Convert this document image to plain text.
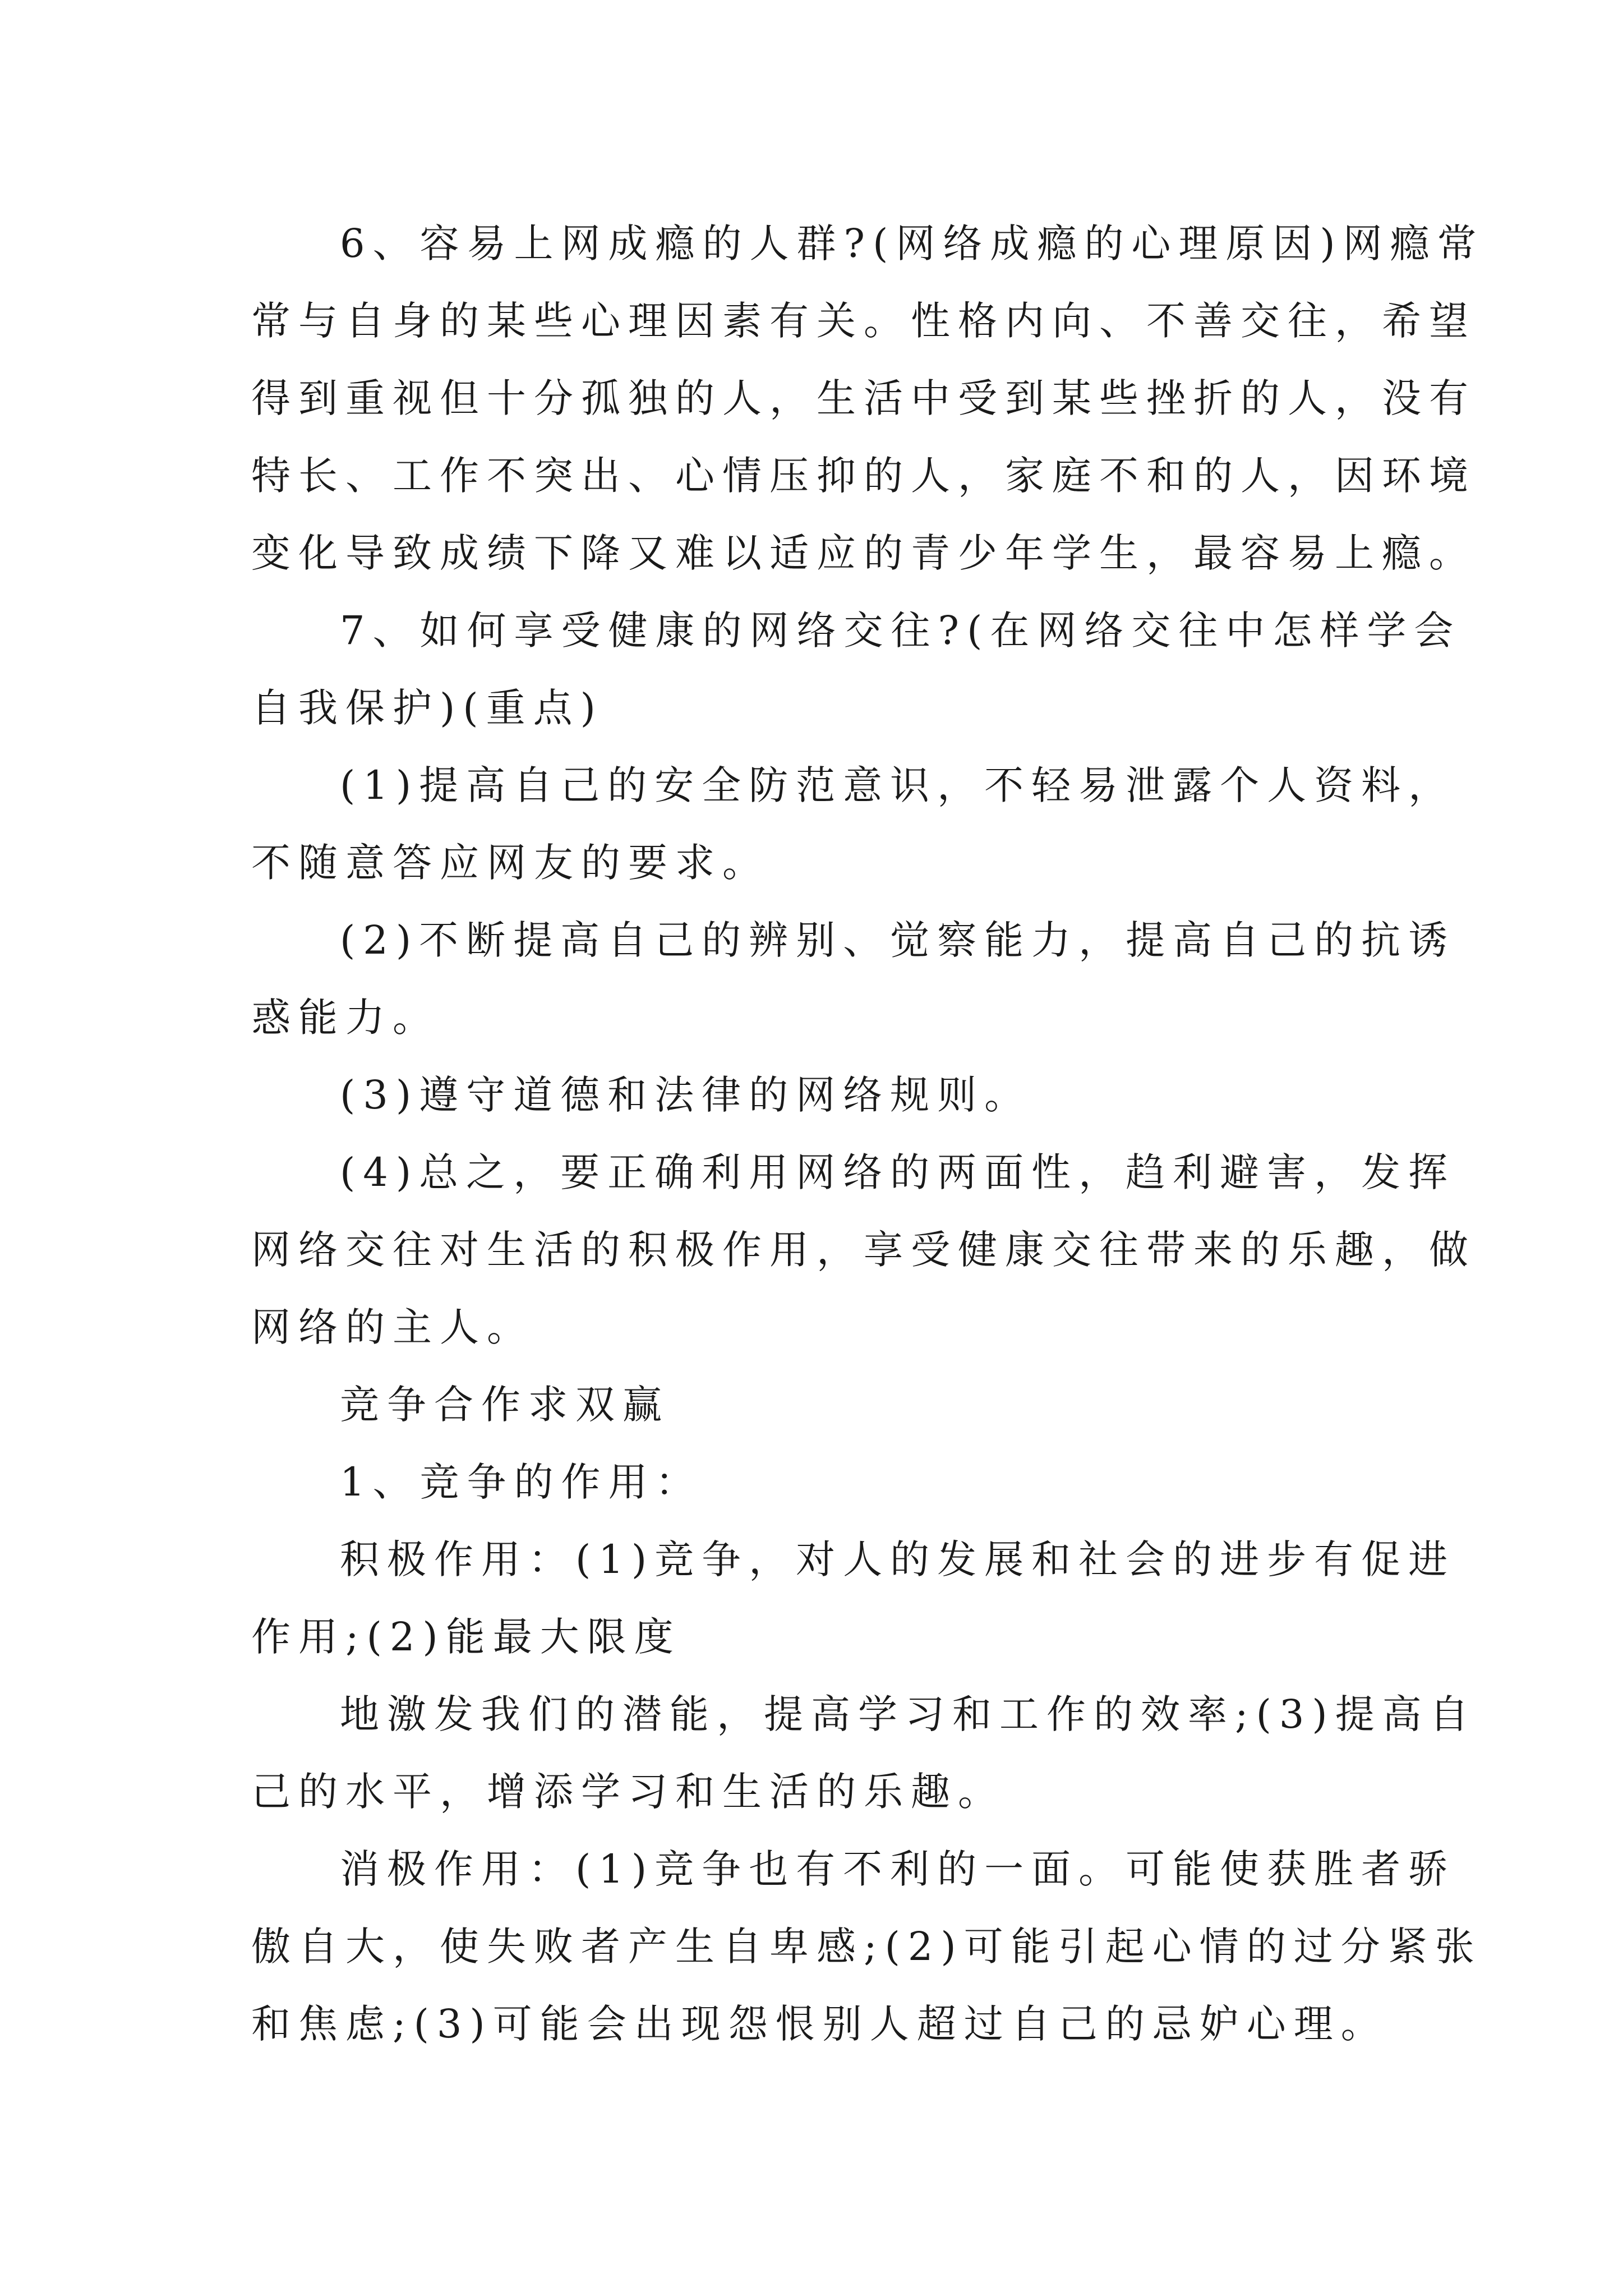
6、容易上网成瘾的人群?(网络成瘾的心理原因)网瘾常
常与自身的某些心理因素有关。性格内向、不善交往，希望
得到重视但十分孤独的人，生活中受到某些挫折的人，没有
特长、工作不突出、心情压抑的人，家庭不和的人，因环境
变化导致成绩下降又难以适应的青少年学生，最容易上瘾。

7、如何享受健康的网络交往?(在网络交往中怎样学会
自我保护)(重点)

(1)提高自己的安全防范意识，不轻易泄露个人资料，
不随意答应网友的要求。

(2)不断提高自己的辨别、觉察能力，提高自己的抗诱
惑能力。

(3)遵守道德和法律的网络规则。

(4)总之，要正确利用网络的两面性，趋利避害，发挥
网络交往对生活的积极作用，享受健康交往带来的乐趣，做
网络的主人。

竞争合作求双赢

1、竞争的作用：

积极作用：(1)竞争，对人的发展和社会的进步有促进
作用;(2)能最大限度

地激发我们的潜能，提高学习和工作的效率;(3)提高自
己的水平，增添学习和生活的乐趣。

消极作用：(1)竞争也有不利的一面。可能使获胜者骄
傲自大，使失败者产生自卑感;(2)可能引起心情的过分紧张
和焦虑;(3)可能会出现怨恨别人超过自己的忌妒心理。
